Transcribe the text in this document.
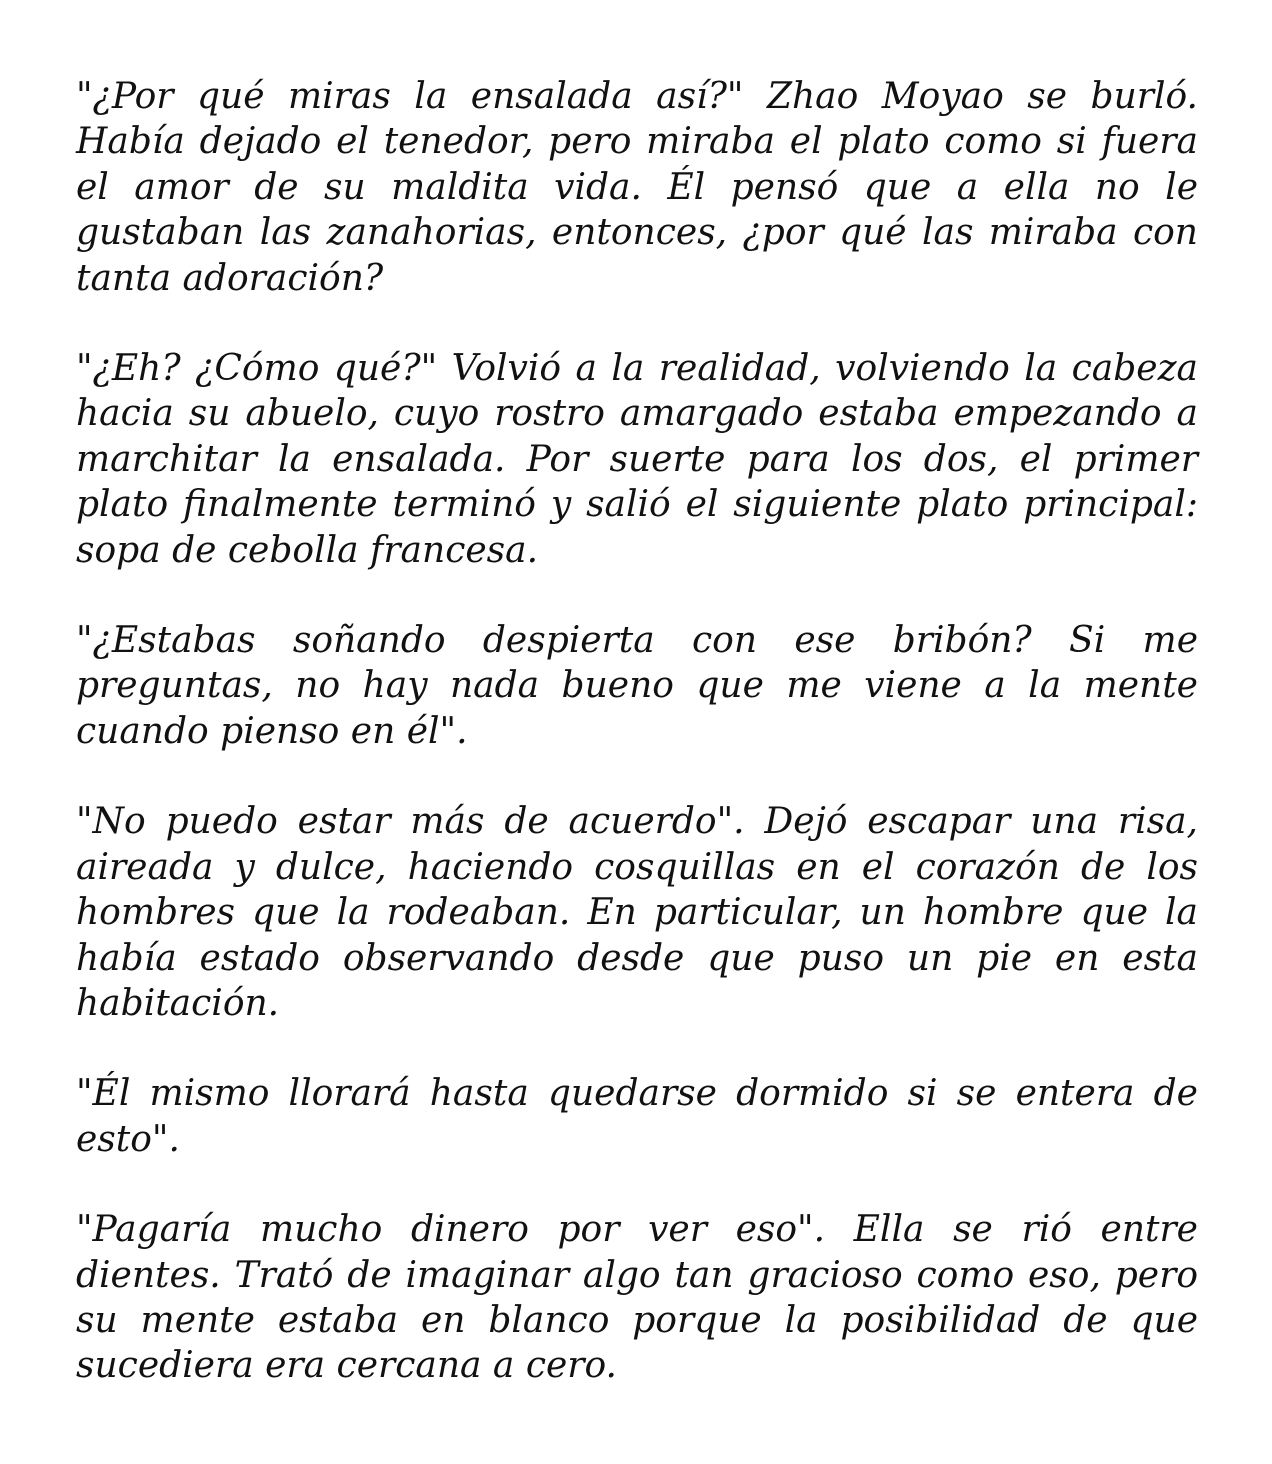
"¿Por qué miras la ensalada así?" Zhao Moyao se burló. Había dejado el tenedor, pero miraba el plato como si fuera el amor de su maldita vida. Él pensó que a ella no le gustaban las zanahorias, entonces, ¿por qué las miraba con tanta adoración?

"¿Eh? ¿Cómo qué?" Volvió a la realidad, volviendo la cabeza hacia su abuelo, cuyo rostro amargado estaba empezando a marchitar la ensalada. Por suerte para los dos, el primer plato finalmente terminó y salió el siguiente plato principal: sopa de cebolla francesa.

"¿Estabas soñando despierta con ese bribón? Si me preguntas, no hay nada bueno que me viene a la mente cuando pienso en él".

"No puedo estar más de acuerdo". Dejó escapar una risa, aireada y dulce, haciendo cosquillas en el corazón de los hombres que la rodeaban. En particular, un hombre que la había estado observando desde que puso un pie en esta habitación.

"Él mismo llorará hasta quedarse dormido si se entera de esto".

"Pagaría mucho dinero por ver eso". Ella se rió entre dientes. Trató de imaginar algo tan gracioso como eso, pero su mente estaba en blanco porque la posibilidad de que sucediera era cercana a cero.
